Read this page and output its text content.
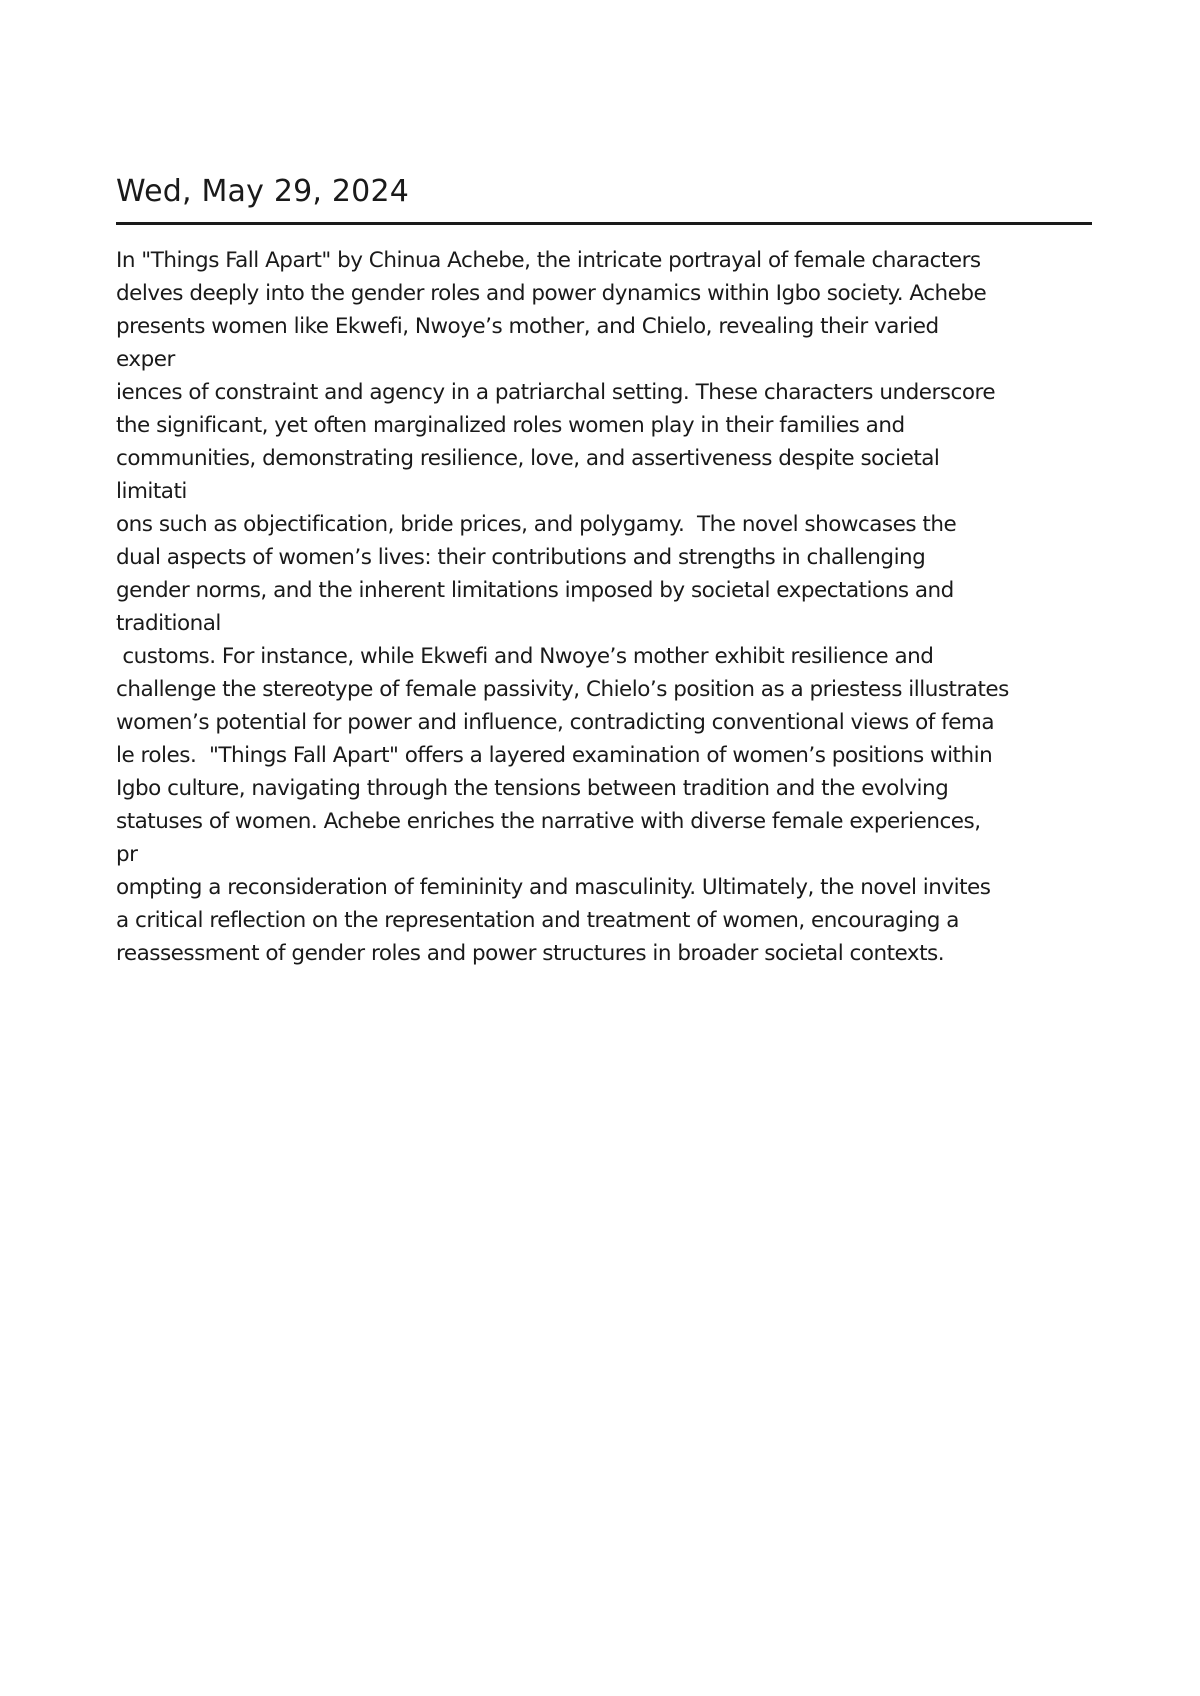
Wed, May 29, 2024
In "Things Fall Apart" by Chinua Achebe, the intricate portrayal of female characters
delves deeply into the gender roles and power dynamics within Igbo society. Achebe
presents women like Ekwefi, Nwoye’s mother, and Chielo, revealing their varied
exper
iences of constraint and agency in a patriarchal setting. These characters underscore
the significant, yet often marginalized roles women play in their families and
communities, demonstrating resilience, love, and assertiveness despite societal
limitati
ons such as objectification, bride prices, and polygamy.  The novel showcases the
dual aspects of women’s lives: their contributions and strengths in challenging
gender norms, and the inherent limitations imposed by societal expectations and
traditional
customs. For instance, while Ekwefi and Nwoye’s mother exhibit resilience and
challenge the stereotype of female passivity, Chielo’s position as a priestess illustrates
women’s potential for power and influence, contradicting conventional views of fema
le roles.  "Things Fall Apart" offers a layered examination of women’s positions within
Igbo culture, navigating through the tensions between tradition and the evolving
statuses of women. Achebe enriches the narrative with diverse female experiences,
pr
ompting a reconsideration of femininity and masculinity. Ultimately, the novel invites
a critical reflection on the representation and treatment of women, encouraging a
reassessment of gender roles and power structures in broader societal contexts.
